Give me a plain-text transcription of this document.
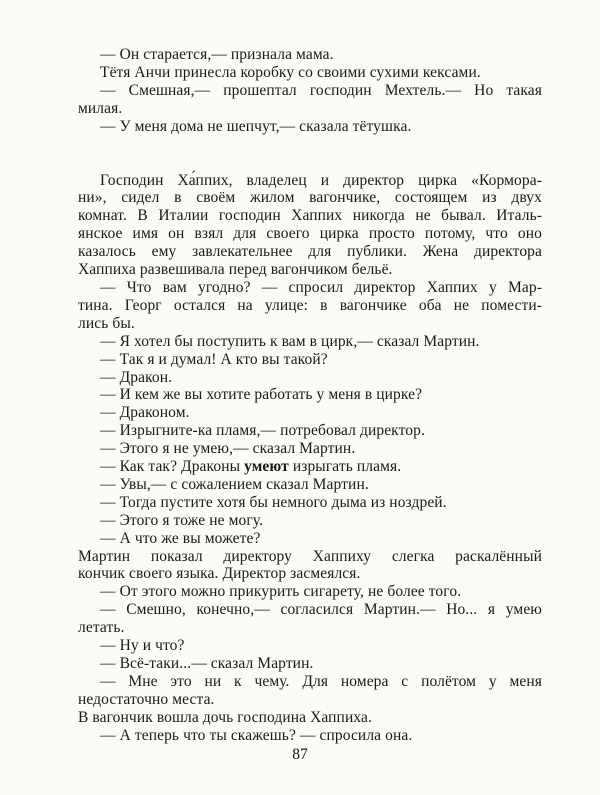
— Он старается,— признала мама.
Тётя Анчи принесла коробку со своими сухими кексами.
— Смешная,— прошептал господин Мехтель.— Но такая
милая.
— У меня дома не шепчут,— сказала тётушка.
Господин Ха́ппих, владелец и директор цирка «Кормора-
ни», сидел в своём жилом вагончике, состоящем из двух
комнат. В Италии господин Хаппих никогда не бывал. Италь-
янское имя он взял для своего цирка просто потому, что оно
казалось ему завлекательнее для публики. Жена директора
Хаппиха развешивала перед вагончиком бельё.
— Что вам угодно? — спросил директор Хаппих у Мар-
тина. Георг остался на улице: в вагончике оба не помести-
лись бы.
— Я хотел бы поступить к вам в цирк,— сказал Мартин.
— Так я и думал! А кто вы такой?
— Дракон.
— И кем же вы хотите работать у меня в цирке?
— Драконом.
— Изрыгните-ка пламя,— потребовал директор.
— Этого я не умею,— сказал Мартин.
— Как так? Драконы умеют изрыгать пламя.
— Увы,— с сожалением сказал Мартин.
— Тогда пустите хотя бы немного дыма из ноздрей.
— Этого я тоже не могу.
— А что же вы можете?
Мартин показал директору Хаппиху слегка раскалённый
кончик своего языка. Директор засмеялся.
— От этого можно прикурить сигарету, не более того.
— Смешно, конечно,— согласился Мартин.— Но... я умею
летать.
— Ну и что?
— Всё-таки...— сказал Мартин.
— Мне это ни к чему. Для номера с полётом у меня
недостаточно места.
В вагончик вошла дочь господина Хаппиха.
— А теперь что ты скажешь? — спросила она.
87
